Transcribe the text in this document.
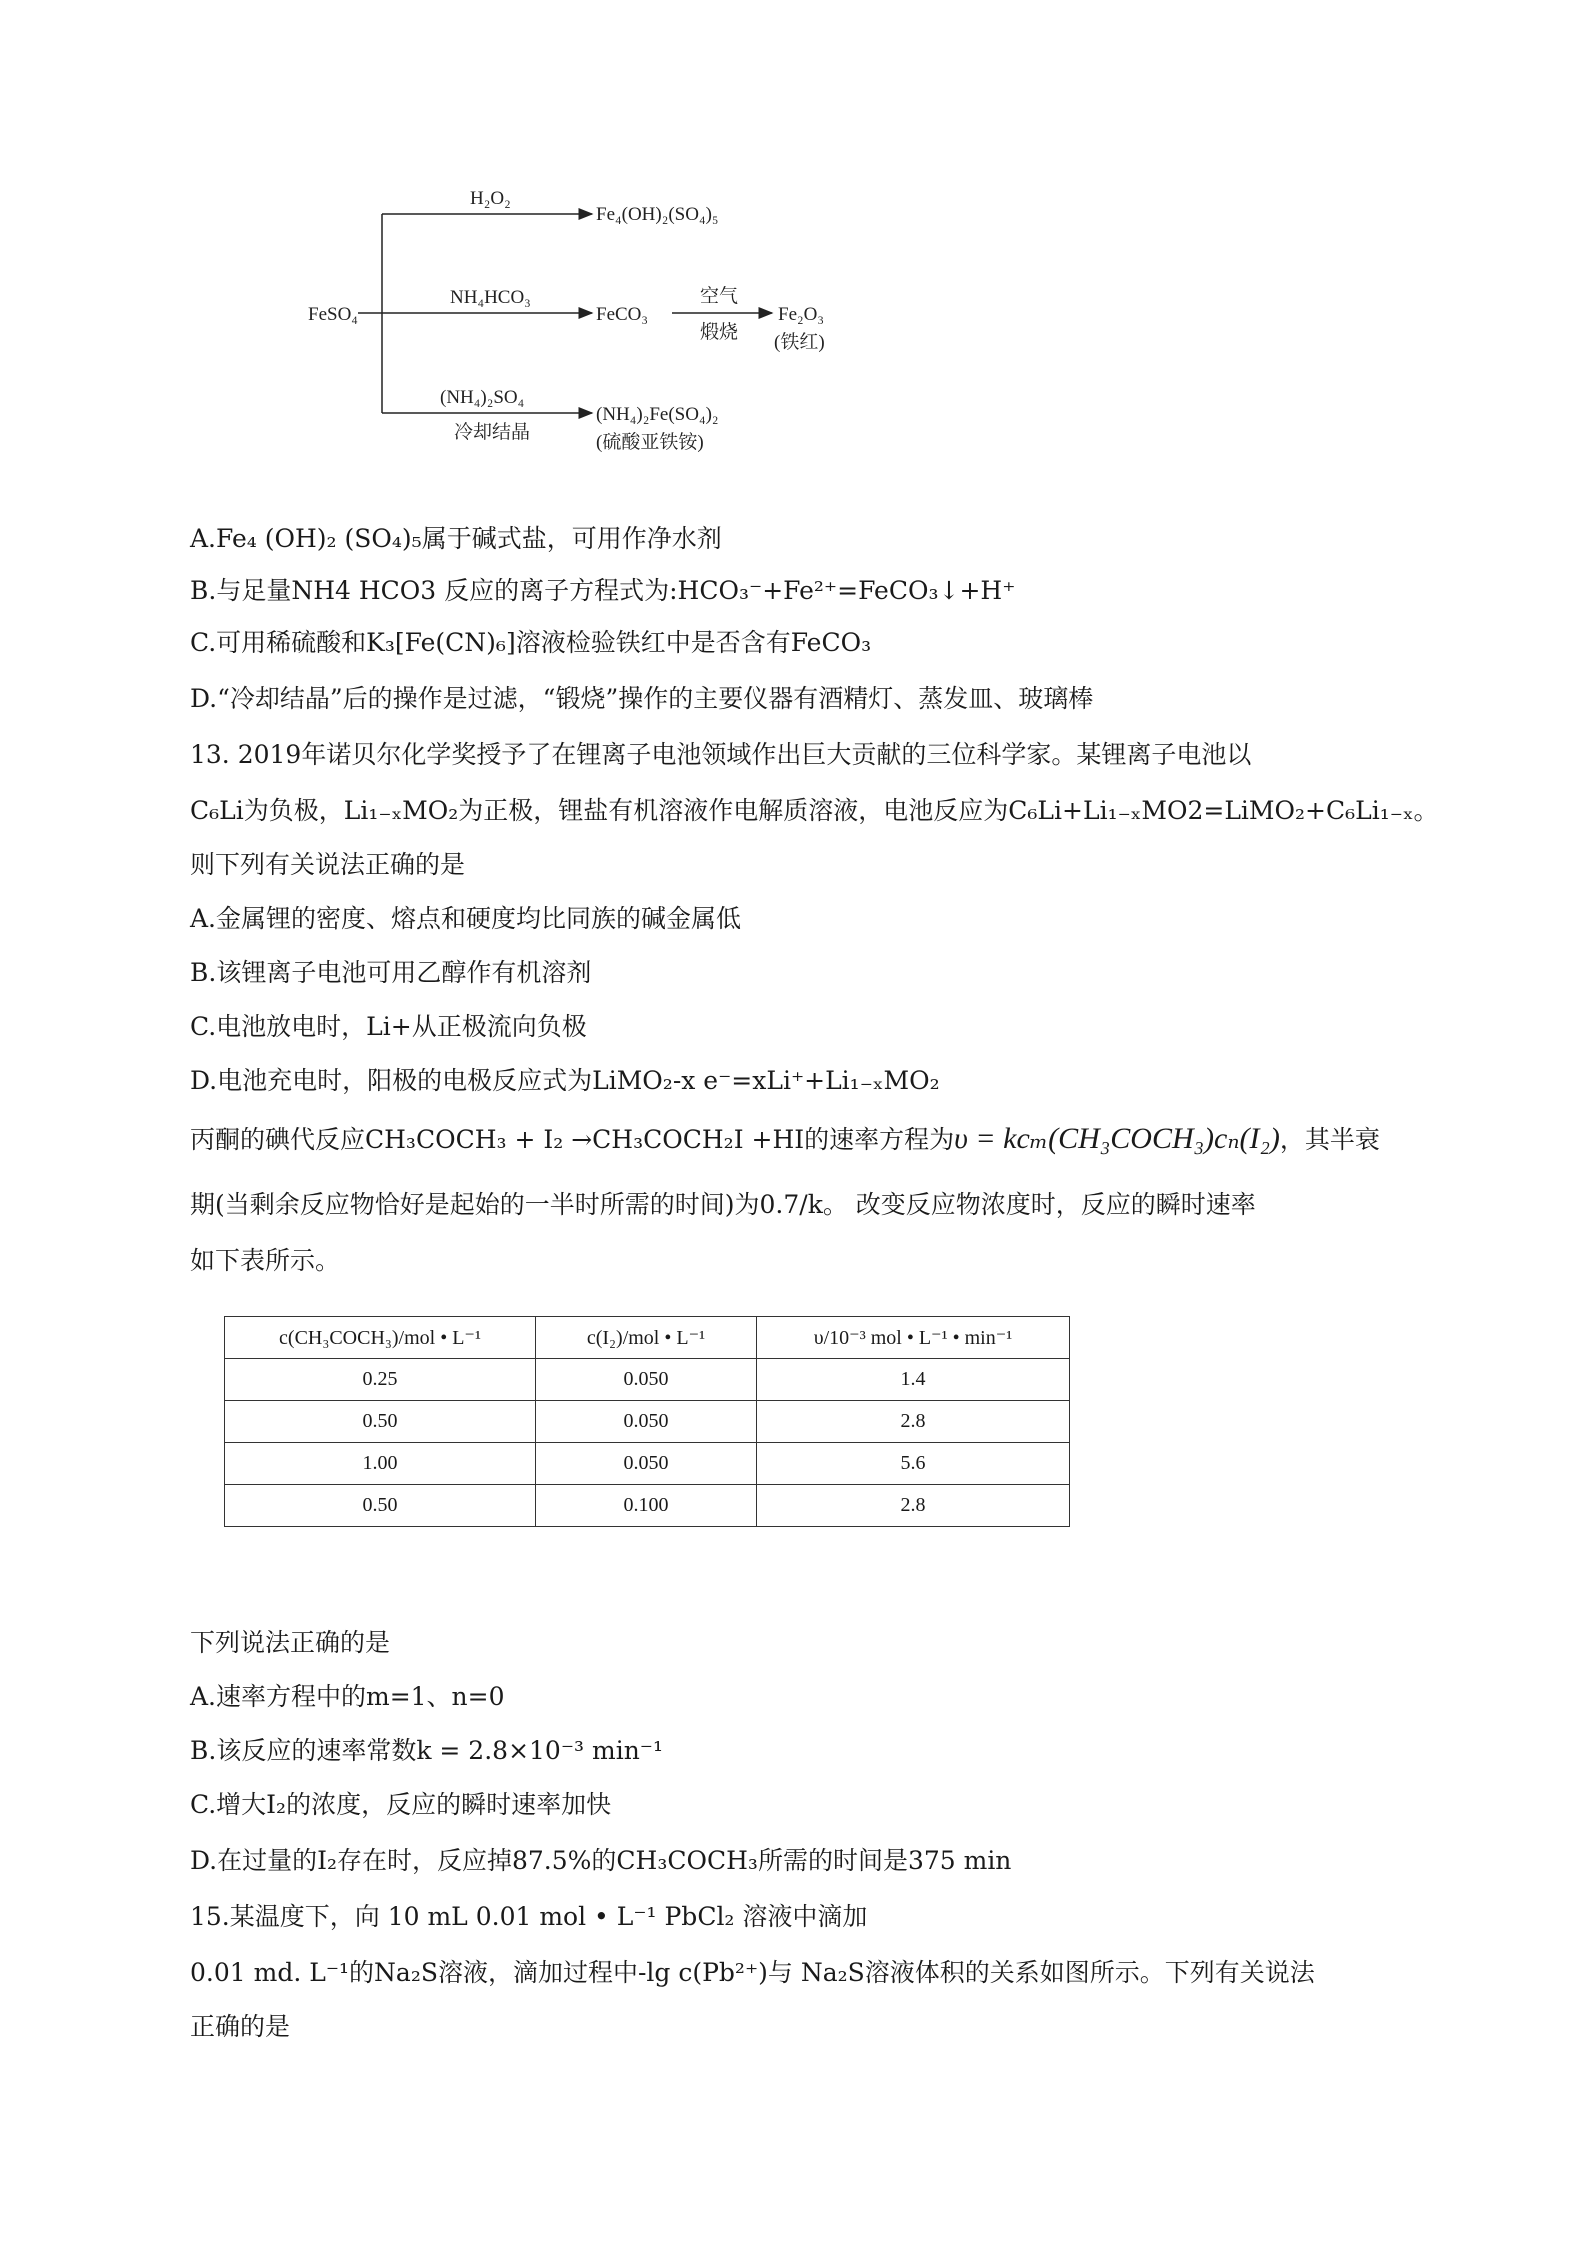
FeSO₄
H₂O₂
Fe₄(OH)₂(SO₄)₅
NH₄HCO₃
FeCO₃
空气
煅烧
Fe₂O₃
(铁红)
(NH₄)₂SO₄
冷却结晶
(NH₄)₂Fe(SO₄)₂
(硫酸亚铁铵)
A.Fe₄ (OH)₂ (SO₄)₅属于碱式盐，可用作净水剂
B.与足量NH4 HCO3 反应的离子方程式为:HCO₃⁻+Fe²⁺=FeCO₃↓+H⁺
C.可用稀硫酸和K₃[Fe(CN)₆]溶液检验铁红中是否含有FeCO₃
D.“冷却结晶”后的操作是过滤，“锻烧”操作的主要仪器有酒精灯、蒸发皿、玻璃棒
13. 2019年诺贝尔化学奖授予了在锂离子电池领域作出巨大贡献的三位科学家。某锂离子电池以
C₆Li为负极，Li₁₋ₓMO₂为正极，锂盐有机溶液作电解质溶液，电池反应为C₆Li+Li₁₋ₓMO2=LiMO₂+C₆Li₁₋ₓ。
则下列有关说法正确的是
A.金属锂的密度、熔点和硬度均比同族的碱金属低
B.该锂离子电池可用乙醇作有机溶剂
C.电池放电时，Li+从正极流向负极
D.电池充电时，阳极的电极反应式为LiMO₂-x e⁻=xLi⁺+Li₁₋ₓMO₂
丙酮的碘代反应CH₃COCH₃ + I₂ →CH₃COCH₂I +HI的速率方程为υ = kcₘ(CH₃COCH₃)cₙ(I₂)，其半衰
期(当剩余反应物恰好是起始的一半时所需的时间)为0.7/k。 改变反应物浓度时，反应的瞬时速率
如下表所示。
c(CH₃COCH₃)/mol • L⁻¹	c(I₂)/mol • L⁻¹	υ/10⁻³ mol • L⁻¹ • min⁻¹
0.25	0.050	1.4
0.50	0.050	2.8
1.00	0.050	5.6
0.50	0.100	2.8
下列说法正确的是
A.速率方程中的m=1、n=0
B.该反应的速率常数k = 2.8×10⁻³ min⁻¹
C.增大I₂的浓度，反应的瞬时速率加快
D.在过量的I₂存在时，反应掉87.5%的CH₃COCH₃所需的时间是375 min
15.某温度下，向 10 mL 0.01 mol • L⁻¹ PbCl₂ 溶液中滴加
0.01 md. L⁻¹的Na₂S溶液，滴加过程中-lg c(Pb²⁺)与 Na₂S溶液体积的关系如图所示。下列有关说法
正确的是
